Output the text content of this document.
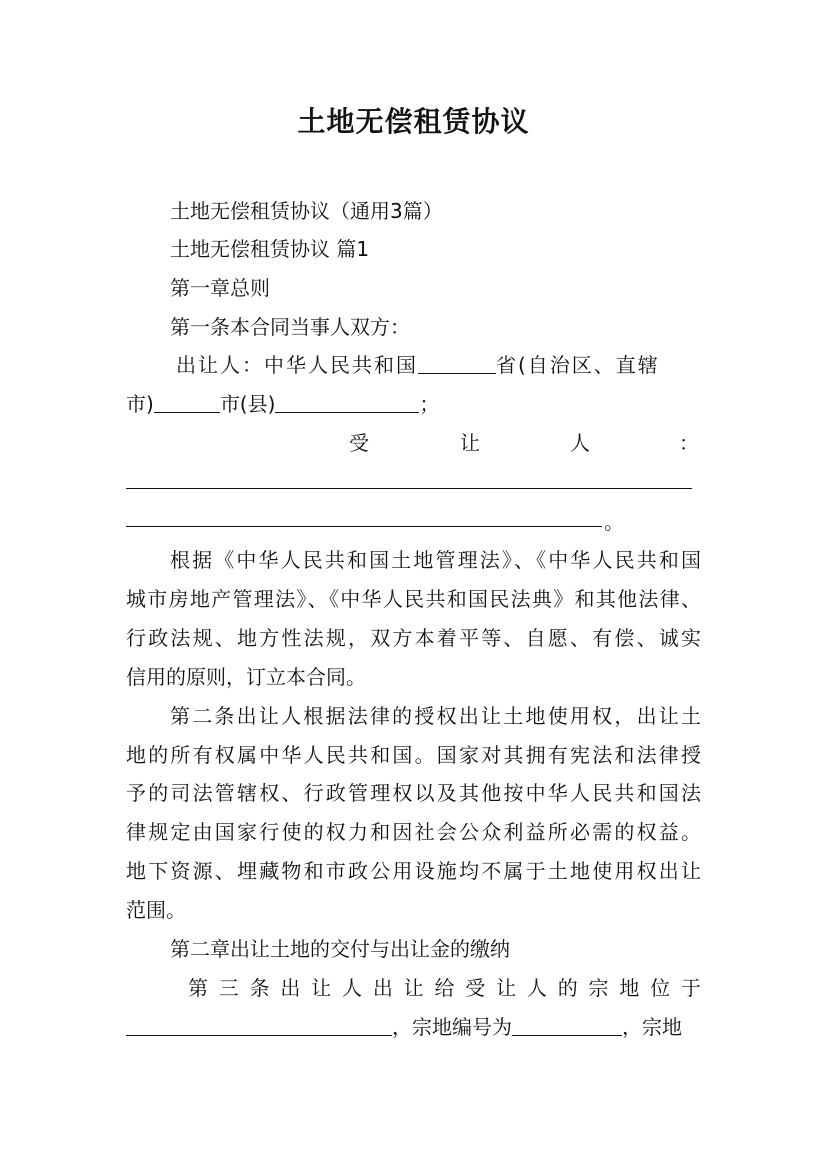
土地无偿租赁协议
土地无偿租赁协议（通用3篇）
土地无偿租赁协议 篇1
第一章总则
第一条本合同当事人双方：
出让人：中华人民共和国	省(自治区、直辖
市)	市(县)	；
受	让	人	：
。
根据《中华人民共和国土地管理法》、《中华人民共和国
城市房地产管理法》、《中华人民共和国民法典》和其他法律、
行政法规、地方性法规，双方本着平等、自愿、有偿、诚实
信用的原则，订立本合同。
第二条出让人根据法律的授权出让土地使用权，出让土
地的所有权属中华人民共和国。国家对其拥有宪法和法律授
予的司法管辖权、行政管理权以及其他按中华人民共和国法
律规定由国家行使的权力和因社会公众利益所必需的权益。
地下资源、埋藏物和市政公用设施均不属于土地使用权出让
范围。
第二章出让土地的交付与出让金的缴纳
第三条出让人出让给受让人的宗地位于
，宗地编号为	，宗地
